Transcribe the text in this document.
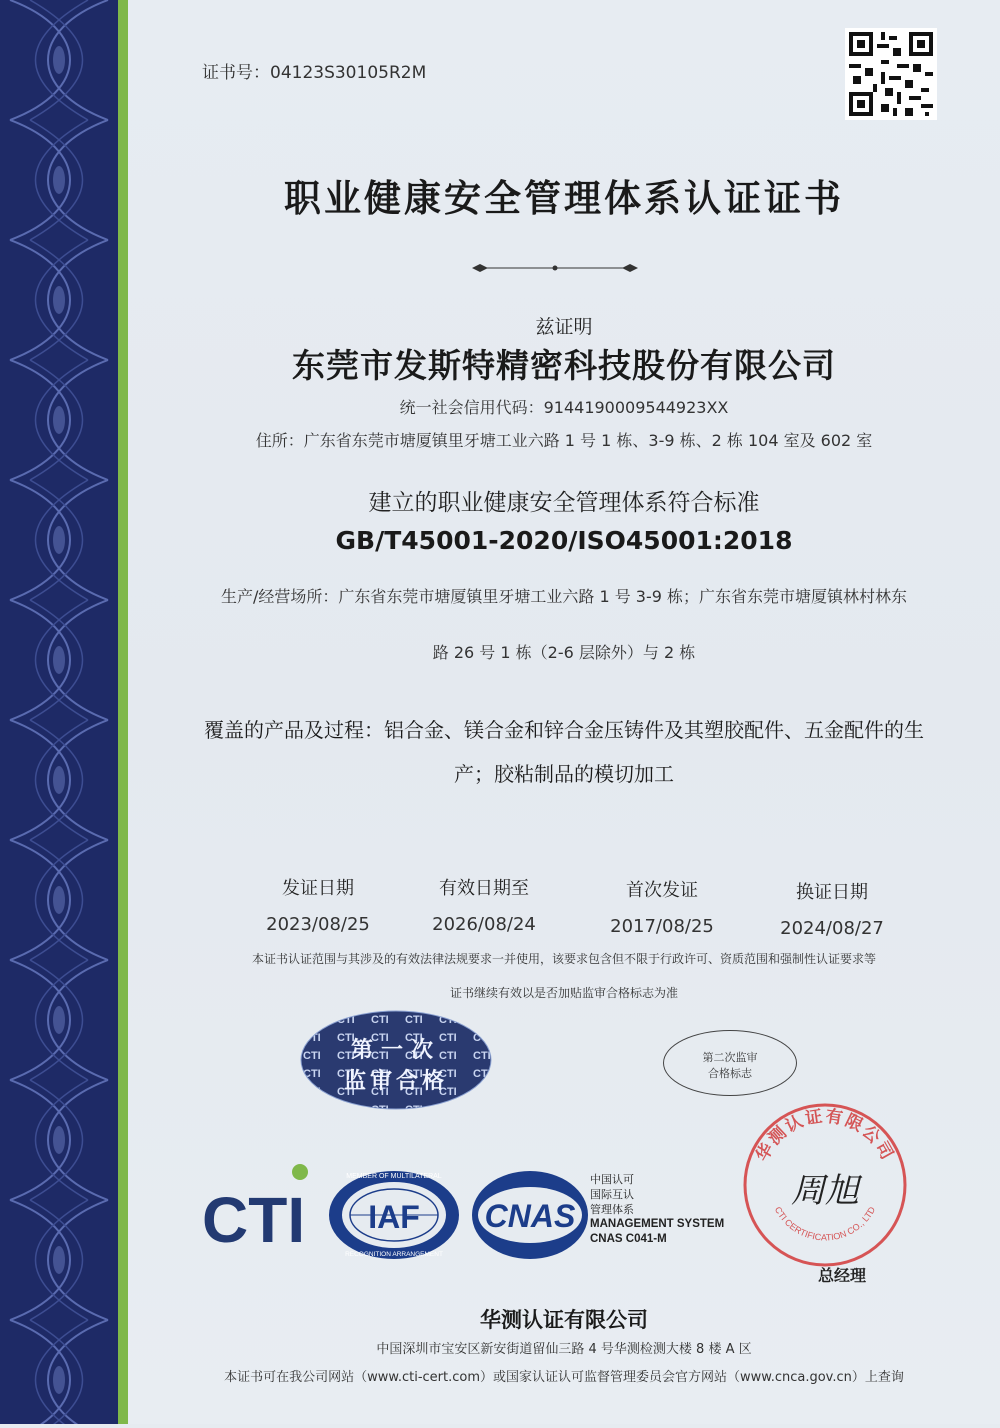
证书号：04123S30105R2M
职业健康安全管理体系认证证书
兹证明
东莞市发斯特精密科技股份有限公司
统一社会信用代码：9144190009544923XX
住所：广东省东莞市塘厦镇里牙塘工业六路 1 号 1 栋、3-9 栋、2 栋 104 室及 602 室
建立的职业健康安全管理体系符合标准
GB/T45001-2020/ISO45001:2018
生产/经营场所：广东省东莞市塘厦镇里牙塘工业六路 1 号 3-9 栋；广东省东莞市塘厦镇林村林东
路 26 号 1 栋（2-6 层除外）与 2 栋
覆盖的产品及过程：铝合金、镁合金和锌合金压铸件及其塑胶配件、五金配件的生
产；胶粘制品的模切加工
发证日期
2023/08/25
有效日期至
2026/08/24
首次发证
2017/08/25
换证日期
2024/08/27
本证书认证范围与其涉及的有效法律法规要求一并使用，该要求包含但不限于行政许可、资质范围和强制性认证要求等
证书继续有效以是否加贴监审合格标志为准
第一次
监审合格
第二次监审
合格标志
CTI
MEMBER OF MULTILATERAL
RECOGNITION ARRANGEMENT
IAF CNAS
中国认可
国际互认
管理体系
MANAGEMENT SYSTEM
CNAS C041-M
华测认证有限公司
CTI CERTIFICATION CO., LTD
周旭
总经理
华测认证有限公司
中国深圳市宝安区新安街道留仙三路 4 号华测检测大楼 8 楼 A 区
本证书可在我公司网站（www.cti-cert.com）或国家认证认可监督管理委员会官方网站（www.cnca.gov.cn）上查询
